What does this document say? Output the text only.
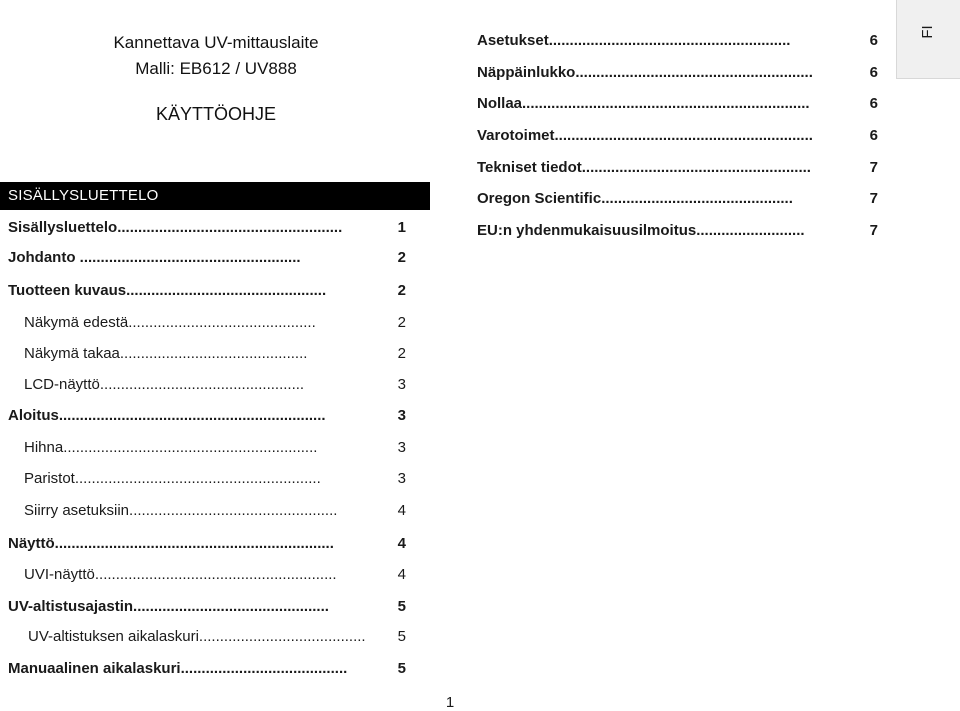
Kannettava UV-mittauslaite
Malli: EB612 / UV888
KÄYTTÖOHJE
SISÄLLYSLUETTELO
Sisällysluettelo......................................................	1
Johdanto .....................................................	2
Tuotteen kuvaus................................................	2
Näkymä edestä.............................................	2
Näkymä takaa.............................................	2
LCD-näyttö.................................................	3
Aloitus................................................................	3
Hihna.............................................................	3
Paristot...........................................................	3
Siirry asetuksiin..................................................	4
Näyttö...................................................................	4
UVI-näyttö..........................................................	4
UV-altistusajastin...............................................	5
UV-altistuksen aikalaskuri........................................ 5
Manuaalinen aikalaskuri........................................	5
Asetukset..........................................................	6
Näppäinlukko.........................................................	6
Nollaa.....................................................................	6
Varotoimet..............................................................	6
Tekniset tiedot.......................................................	7
Oregon Scientific..............................................	7
EU:n yhdenmukaisuusilmoitus..........................	7
FI
1
